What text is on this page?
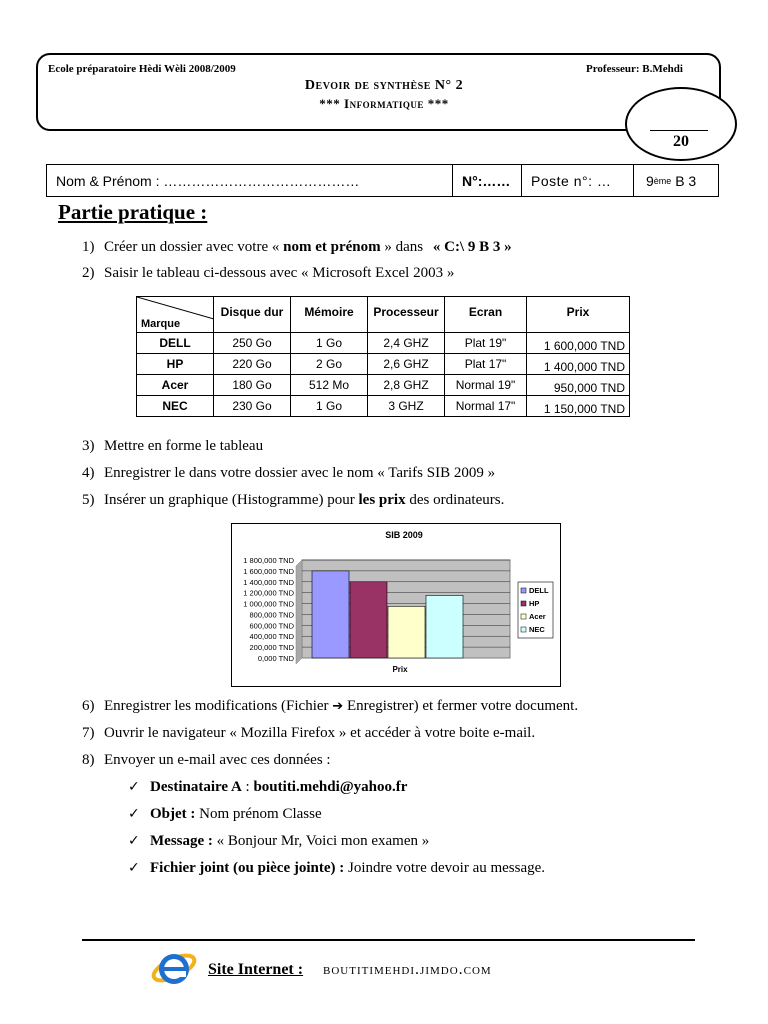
Ecole préparatoire Hèdi Wèli 2008/2009	Professeur: B.Mehdi
Devoir de synthèse N° 2
*** Informatique ***
20
Nom & Prénom : ……………………………………	N°:……	Poste n°: …	9 ème B 3
Partie pratique :
1) Créer un dossier avec votre « nom et prénom » dans « C:\ 9 B 3 »
2) Saisir le tableau ci-dessous avec « Microsoft Excel 2003 »
Marque	Disque dur	Mémoire	Processeur	Ecran	Prix
DELL	250 Go	1 Go	2,4 GHZ	Plat 19"	1 600,000 TND
HP	220 Go	2 Go	2,6 GHZ	Plat 17"	1 400,000 TND
Acer	180 Go	512 Mo	2,8 GHZ	Normal 19"	950,000 TND
NEC	230 Go	1 Go	3 GHZ	Normal 17"	1 150,000 TND
3) Mettre en forme le tableau
4) Enregistrer le dans votre dossier avec le nom « Tarifs SIB 2009 »
5) Insérer un graphique (Histogramme) pour les prix des ordinateurs.
SIB 2009
0,000 TND
200,000 TND
400,000 TND
600,000 TND
800,000 TND
1 000,000 TND
1 200,000 TND
1 400,000 TND
1 600,000 TND
1 800,000 TND
Prix
DELL
HP
Acer
NEC
6) Enregistrer les modifications (Fichier ➔ Enregistrer) et fermer votre document.
7) Ouvrir le navigateur « Mozilla Firefox » et accéder à votre boite e-mail.
8) Envoyer un e-mail avec ces données :
✓ Destinataire A : boutiti.mehdi@yahoo.fr
✓ Objet : Nom prénom Classe
✓ Message : « Bonjour Mr, Voici mon examen »
✓ Fichier joint (ou pièce jointe) : Joindre votre devoir au message.
Site Internet : boutitimehdi.jimdo.com
